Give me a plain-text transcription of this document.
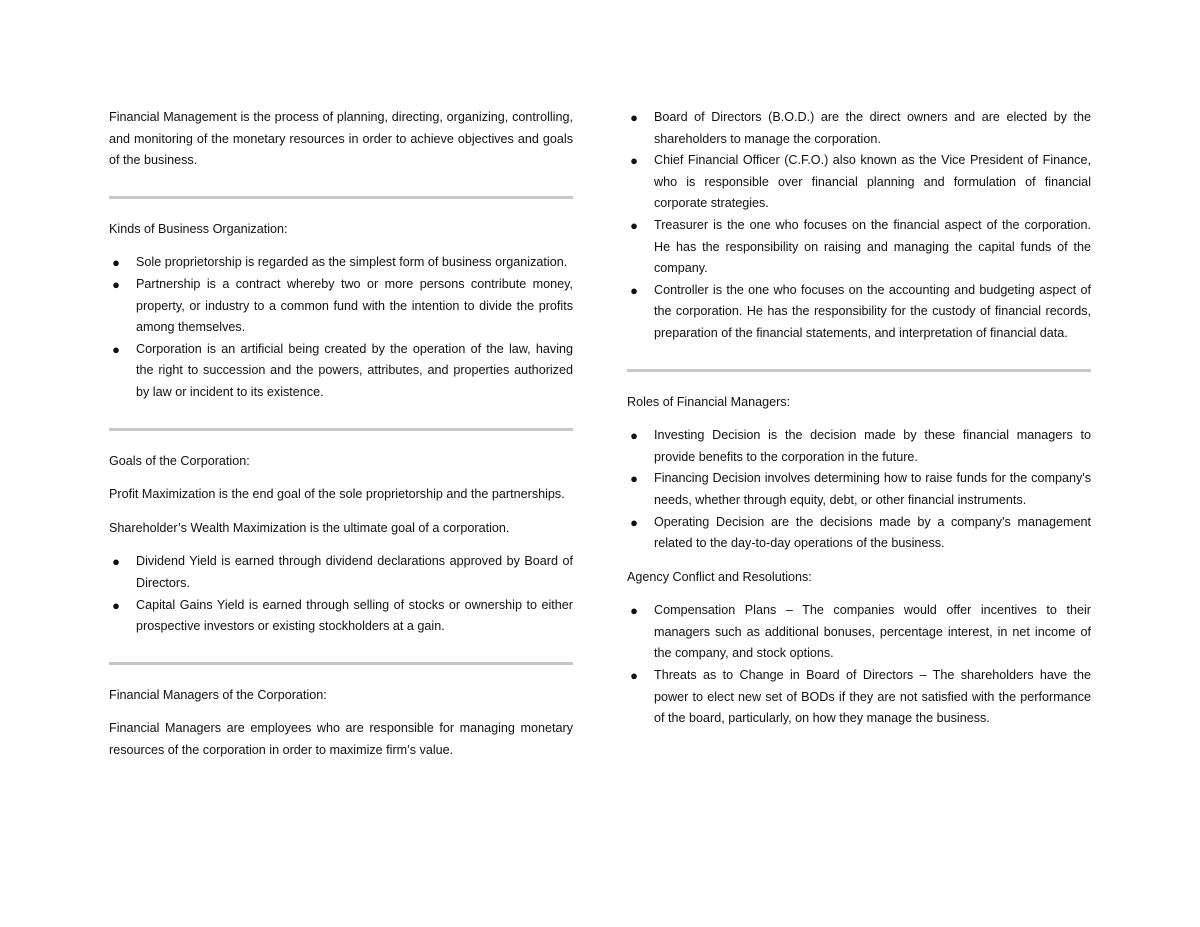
Financial Management is the process of planning, directing, organizing, controlling, and monitoring of the monetary resources in order to achieve objectives and goals of the business.

Kinds of Business Organization:

● Sole proprietorship is regarded as the simplest form of business organization.
● Partnership is a contract whereby two or more persons contribute money, property, or industry to a common fund with the intention to divide the profits among themselves.
● Corporation is an artificial being created by the operation of the law, having the right to succession and the powers, attributes, and properties authorized by law or incident to its existence.

Goals of the Corporation:

Profit Maximization is the end goal of the sole proprietorship and the partnerships.

Shareholder’s Wealth Maximization is the ultimate goal of a corporation.

● Dividend Yield is earned through dividend declarations approved by Board of Directors.
● Capital Gains Yield is earned through selling of stocks or ownership to either prospective investors or existing stockholders at a gain.

Financial Managers of the Corporation:

Financial Managers are employees who are responsible for managing monetary resources of the corporation in order to maximize firm’s value.

● Board of Directors (B.O.D.) are the direct owners and are elected by the shareholders to manage the corporation.
● Chief Financial Officer (C.F.O.) also known as the Vice President of Finance, who is responsible over financial planning and formulation of financial corporate strategies.
● Treasurer is the one who focuses on the financial aspect of the corporation. He has the responsibility on raising and managing the capital funds of the company.
● Controller is the one who focuses on the accounting and budgeting aspect of the corporation. He has the responsibility for the custody of financial records, preparation of the financial statements, and interpretation of financial data.

Roles of Financial Managers:

● Investing Decision is the decision made by these financial managers to provide benefits to the corporation in the future.
● Financing Decision involves determining how to raise funds for the company's needs, whether through equity, debt, or other financial instruments.
● Operating Decision are the decisions made by a company's management related to the day-to-day operations of the business.

Agency Conflict and Resolutions:

● Compensation Plans – The companies would offer incentives to their managers such as additional bonuses, percentage interest, in net income of the company, and stock options.
● Threats as to Change in Board of Directors – The shareholders have the power to elect new set of BODs if they are not satisfied with the performance of the board, particularly, on how they manage the business.
